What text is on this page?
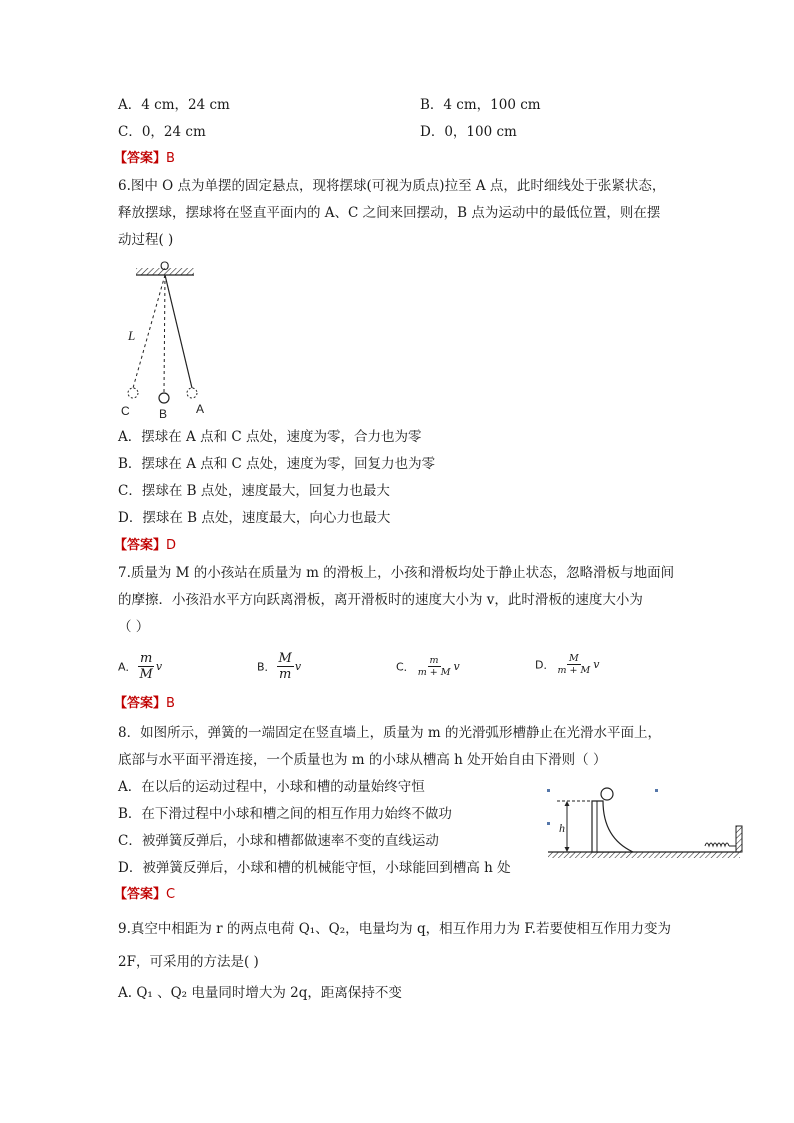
A．4 cm，24 cm	B．4 cm，100 cm
C．0，24 cm	D．0，100 cm
【答案】B
6.图中 O 点为单摆的固定悬点，现将摆球(可视为质点)拉至 A 点，此时细线处于张紧状态，
释放摆球，摆球将在竖直平面内的 A、C 之间来回摆动，B 点为运动中的最低位置，则在摆
动过程( )
O
L
C B A
A．摆球在 A 点和 C 点处，速度为零，合力也为零
B．摆球在 A 点和 C 点处，速度为零，回复力也为零
C．摆球在 B 点处，速度最大，回复力也最大
D．摆球在 B 点处，速度最大，向心力也最大
【答案】D
7.质量为 M 的小孩站在质量为 m 的滑板上，小孩和滑板均处于静止状态，忽略滑板与地面间
的摩擦．小孩沿水平方向跃离滑板，离开滑板时的速度大小为 v，此时滑板的速度大小为
（ ）
A． $\frac{m}{M}$ v	B． $\frac{M}{m}$ v	C． $\frac{m}{m + M}$ v	D． $\frac{M}{m + M}$ v
【答案】B
8．如图所示，弹簧的一端固定在竖直墙上，质量为 m 的光滑弧形槽静止在光滑水平面上，
底部与水平面平滑连接，一个质量也为 m 的小球从槽高 h 处开始自由下滑则（ ）
A．在以后的运动过程中，小球和槽的动量始终守恒
B．在下滑过程中小球和槽之间的相互作用力始终不做功
C．被弹簧反弹后，小球和槽都做速率不变的直线运动
D．被弹簧反弹后，小球和槽的机械能守恒，小球能回到槽高 h 处
h
【答案】C
9.真空中相距为 r 的两点电荷 Q₁、Q₂，电量均为 q，相互作用力为 F.若要使相互作用力变为
2F，可采用的方法是( )
A. Q₁ 、Q₂ 电量同时增大为 2q，距离保持不变
